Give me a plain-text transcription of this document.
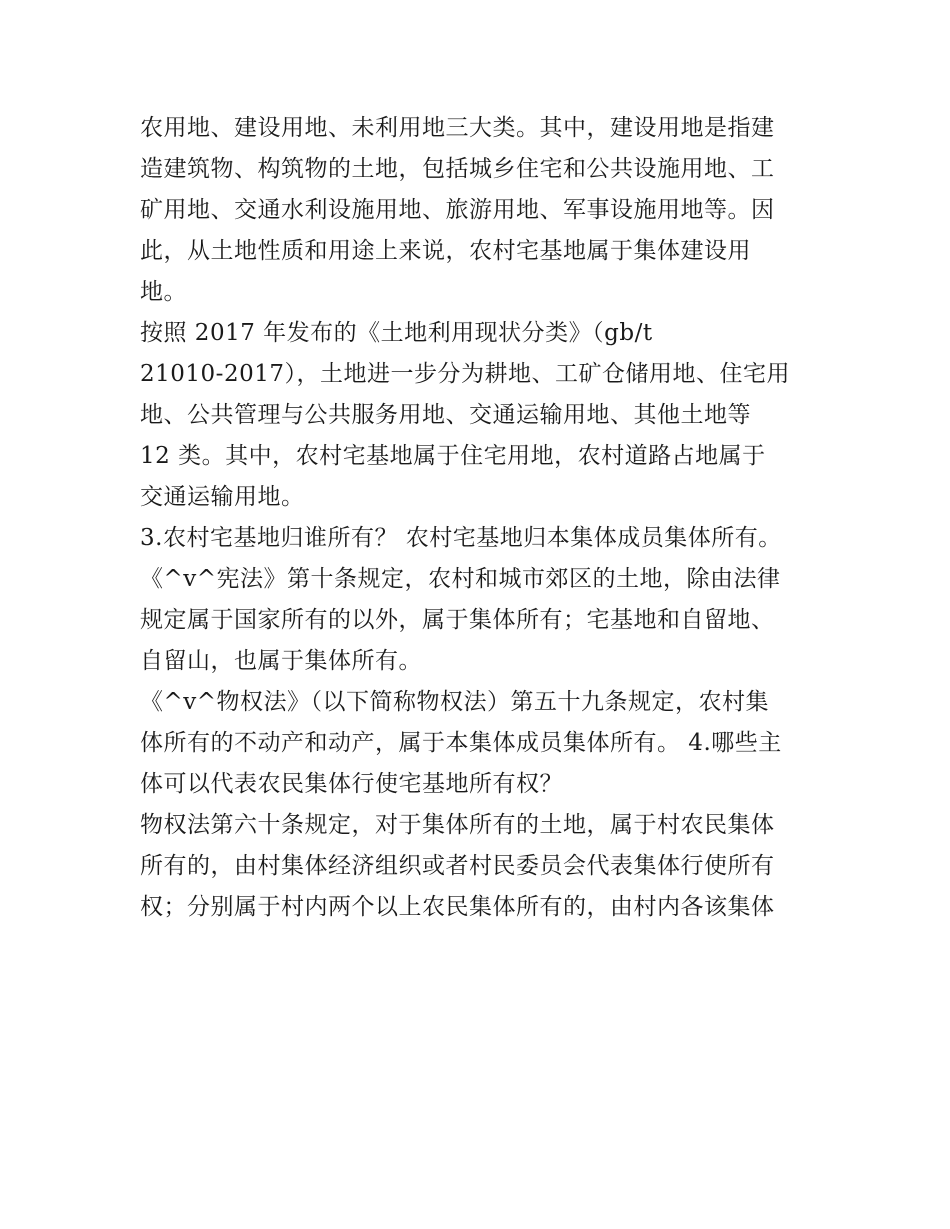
农用地、建设用地、未利用地三大类。其中，建设用地是指建
造建筑物、构筑物的土地，包括城乡住宅和公共设施用地、工
矿用地、交通水利设施用地、旅游用地、军事设施用地等。因
此，从土地性质和用途上来说，农村宅基地属于集体建设用
地。
按照 2017 年发布的《土地利用现状分类》（gb/t
21010-2017），土地进一步分为耕地、工矿仓储用地、住宅用
地、公共管理与公共服务用地、交通运输用地、其他土地等
12 类。其中，农村宅基地属于住宅用地，农村道路占地属于
交通运输用地。
3.农村宅基地归谁所有？ 农村宅基地归本集体成员集体所有。
《^v^宪法》第十条规定，农村和城市郊区的土地，除由法律
规定属于国家所有的以外，属于集体所有；宅基地和自留地、
自留山，也属于集体所有。
《^v^物权法》（以下简称物权法）第五十九条规定，农村集
体所有的不动产和动产，属于本集体成员集体所有。 4.哪些主
体可以代表农民集体行使宅基地所有权？
物权法第六十条规定，对于集体所有的土地，属于村农民集体
所有的，由村集体经济组织或者村民委员会代表集体行使所有
权；分别属于村内两个以上农民集体所有的，由村内各该集体
